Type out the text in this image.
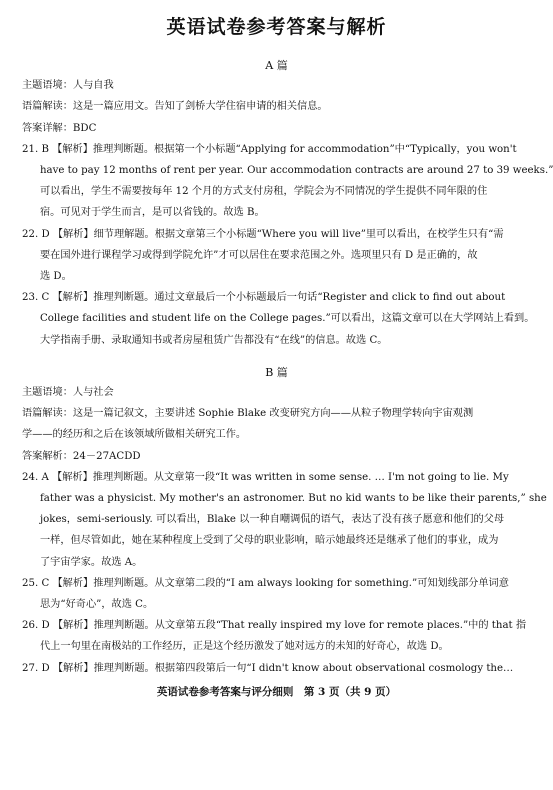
英语试卷参考答案与解析
A 篇
主题语境：人与自我
语篇解读：这是一篇应用文。告知了剑桥大学住宿申请的相关信息。
答案详解：BDC
21. B 【解析】推理判断题。根据第一个小标题“Applying for accommodation”中“Typically，you won't
have to pay 12 months of rent per year. Our accommodation contracts are around 27 to 39 weeks.”
可以看出，学生不需要按每年 12 个月的方式支付房租，学院会为不同情况的学生提供不同年限的住
宿。可见对于学生而言，是可以省钱的。故选 B。
22. D 【解析】细节理解题。根据文章第三个小标题“Where you will live”里可以看出，在校学生只有“需
要在国外进行课程学习或得到学院允许”才可以居住在要求范围之外。选项里只有 D 是正确的，故
选 D。
23. C 【解析】推理判断题。通过文章最后一个小标题最后一句话“Register and click to find out about
College facilities and student life on the College pages.”可以看出，这篇文章可以在大学网站上看到。
大学指南手册、录取通知书或者房屋租赁广告都没有“在线”的信息。故选 C。
B 篇
主题语境：人与社会
语篇解读：这是一篇记叙文，主要讲述 Sophie Blake 改变研究方向——从粒子物理学转向宇宙观测
学——的经历和之后在该领域所做相关研究工作。
答案解析：24－27ACDD
24. A 【解析】推理判断题。从文章第一段“It was written in some sense. … I'm not going to lie. My
father was a physicist. My mother's an astronomer. But no kid wants to be like their parents,” she
jokes，semi-seriously. 可以看出，Blake 以一种自嘲调侃的语气，表达了没有孩子愿意和他们的父母
一样，但尽管如此，她在某种程度上受到了父母的职业影响，暗示她最终还是继承了他们的事业，成为
了宇宙学家。故选 A。
25. C 【解析】推理判断题。从文章第二段的“I am always looking for something.”可知划线部分单词意
思为“好奇心”，故选 C。
26. D 【解析】推理判断题。从文章第五段“That really inspired my love for remote places.”中的 that 指
代上一句里在南极站的工作经历，正是这个经历激发了她对远方的未知的好奇心，故选 D。
27. D 【解析】推理判断题。根据第四段第后一句“I didn't know about observational cosmology the…
英语试卷参考答案与评分细则　第 3 页（共 9 页）
